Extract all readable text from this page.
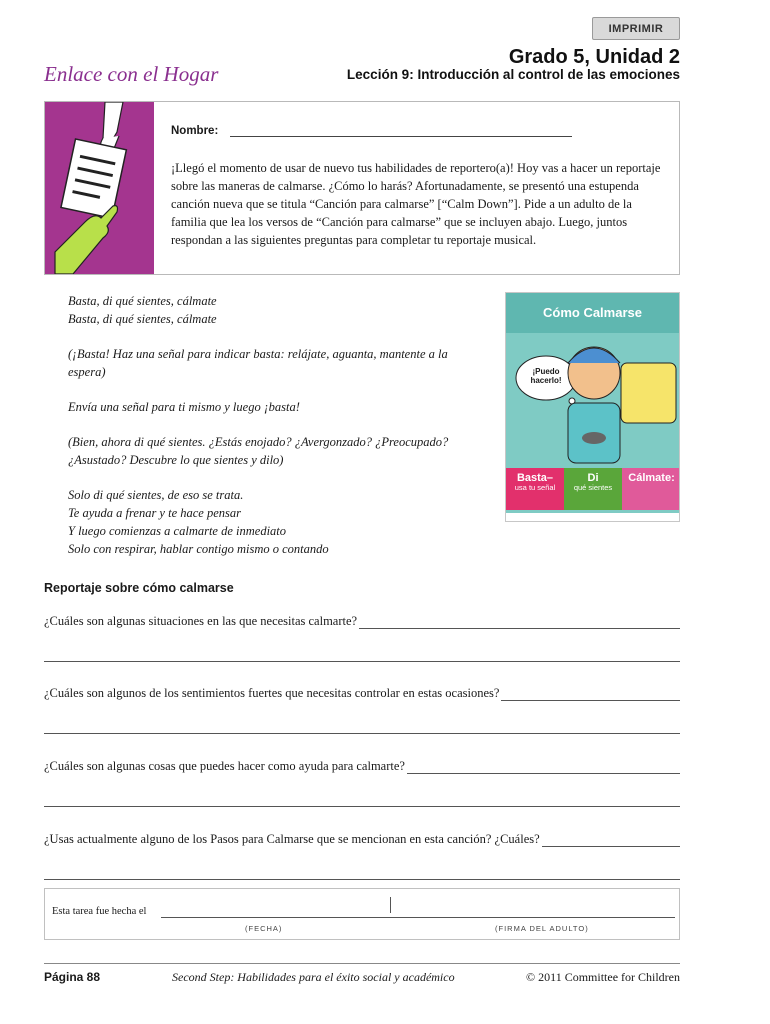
IMPRIMIR
Enlace con el Hogar
Grado 5, Unidad 2
Lección 9: Introducción al control de las emociones
Nombre:
¡Llegó el momento de usar de nuevo tus habilidades de reportero(a)! Hoy vas a hacer un reportaje sobre las maneras de calmarse. ¿Cómo lo harás? Afortunadamente, se presentó una estupenda canción nueva que se titula “Canción para calmarse” [“Calm Down”]. Pide a un adulto de la familia que lea los versos de “Canción para calmarse” que se incluyen abajo. Luego, juntos respondan a las siguientes preguntas para completar tu reportaje musical.

Basta, di qué sientes, cálmate
Basta, di qué sientes, cálmate

(¡Basta! Haz una señal para indicar basta: relájate, aguanta, mantente a la espera)

Envía una señal para ti mismo y luego ¡basta!

(Bien, ahora di qué sientes. ¿Estás enojado? ¿Avergonzado? ¿Preocupado?
¿Asustado? Descubre lo que sientes y dilo)

Solo di qué sientes, de eso se trata.
Te ayuda a frenar y te hace pensar
Y luego comienzas a calmarte de inmediato
Solo con respirar, hablar contigo mismo o contando

Cómo Calmarse
¡Puedo hacerlo!
Basta–
usa tu señal
Di
qué sientes
Cálmate:
Reportaje sobre cómo calmarse
¿Cuáles son algunas situaciones en las que necesitas calmarte?
¿Cuáles son algunos de los sentimientos fuertes que necesitas controlar en estas ocasiones?
¿Cuáles son algunas cosas que puedes hacer como ayuda para calmarte?
¿Usas actualmente alguno de los Pasos para Calmarse que se mencionan en esta canción? ¿Cuáles?
Esta tarea fue hecha el
(FECHA)	(FIRMA DEL ADULTO)
Página 88	Second Step: Habilidades para el éxito social y académico	© 2011 Committee for Children
